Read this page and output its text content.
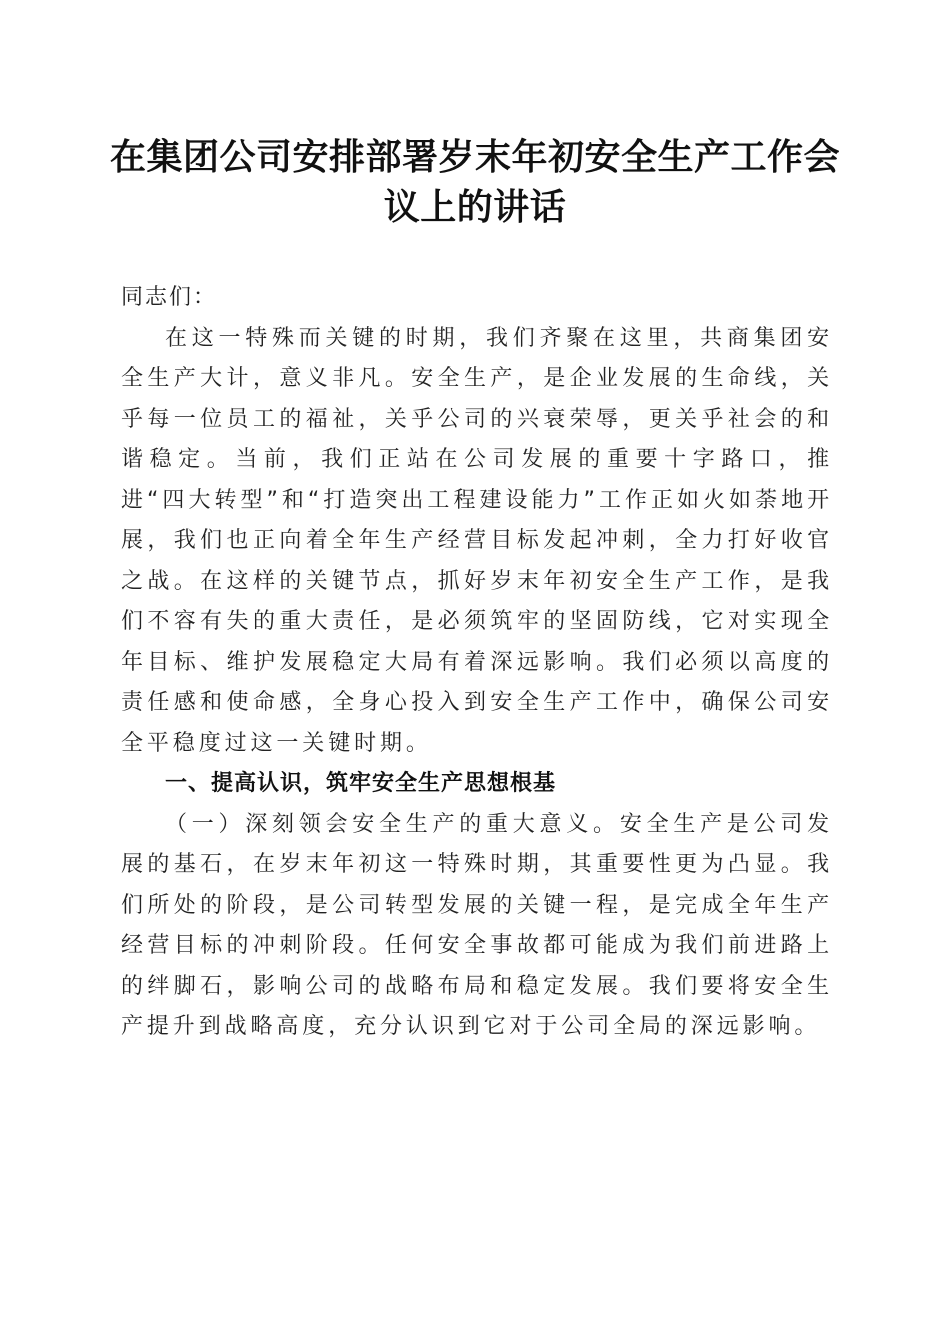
在集团公司安排部署岁末年初安全生产工作会
议上的讲话

同志们：

在这一特殊而关键的时期，我们齐聚在这里，共商集团安全生产大计，意义非凡。安全生产，是企业发展的生命线，关乎每一位员工的福祉，关乎公司的兴衰荣辱，更关乎社会的和谐稳定。当前，我们正站在公司发展的重要十字路口，推进“四大转型”和“打造突出工程建设能力”工作正如火如荼地开展，我们也正向着全年生产经营目标发起冲刺，全力打好收官之战。在这样的关键节点，抓好岁末年初安全生产工作，是我们不容有失的重大责任，是必须筑牢的坚固防线，它对实现全年目标、维护发展稳定大局有着深远影响。我们必须以高度的责任感和使命感，全身心投入到安全生产工作中，确保公司安全平稳度过这一关键时期。

一、提高认识，筑牢安全生产思想根基

（一）深刻领会安全生产的重大意义。安全生产是公司发展的基石，在岁末年初这一特殊时期，其重要性更为凸显。我们所处的阶段，是公司转型发展的关键一程，是完成全年生产经营目标的冲刺阶段。任何安全事故都可能成为我们前进路上的绊脚石，影响公司的战略布局和稳定发展。我们要将安全生产提升到战略高度，充分认识到它对于公司全局的深远影响。
